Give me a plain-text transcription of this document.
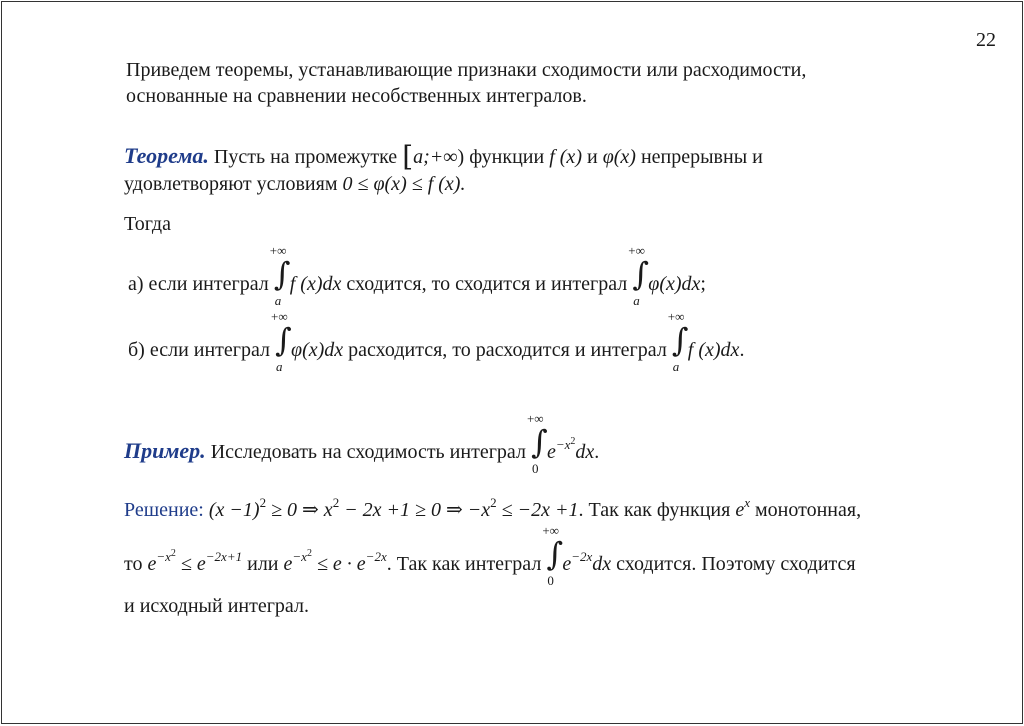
22
Приведем теоремы, устанавливающие признаки сходимости или расходимости,
основанные на сравнении несобственных интегралов.
Теорема. Пусть на промежутке [a;+∞) функции f (x) и φ(x) непрерывны и
удовлетворяют условиям 0 ≤ φ(x) ≤ f (x).
Тогда
а) если интеграл ∫
+∞
a
f (x)dx сходится, то сходится и интеграл ∫
+∞
a
φ(x)dx;
б) если интеграл ∫
+∞
a
φ(x)dx расходится, то расходится и интеграл ∫
+∞
a
f (x)dx.
Пример. Исследовать на сходимость интеграл ∫
+∞
0
$e^{-x2}dx$.
Решение: $(x -1)^2 \ge 0$ ⇒ $x^2 - 2x +1 \ge 0$ ⇒ $-x^2 \le -2x +1$. Так как функция $e^x$ монотонная,
то $e^{-x2} \le e^{-2x+1}$ или $e^{-x2} \le e \cdot e^{-2x}$. Так как интеграл ∫
+∞
0
$e^{-2x}dx$ сходится. Поэтому сходится
и исходный интеграл.
